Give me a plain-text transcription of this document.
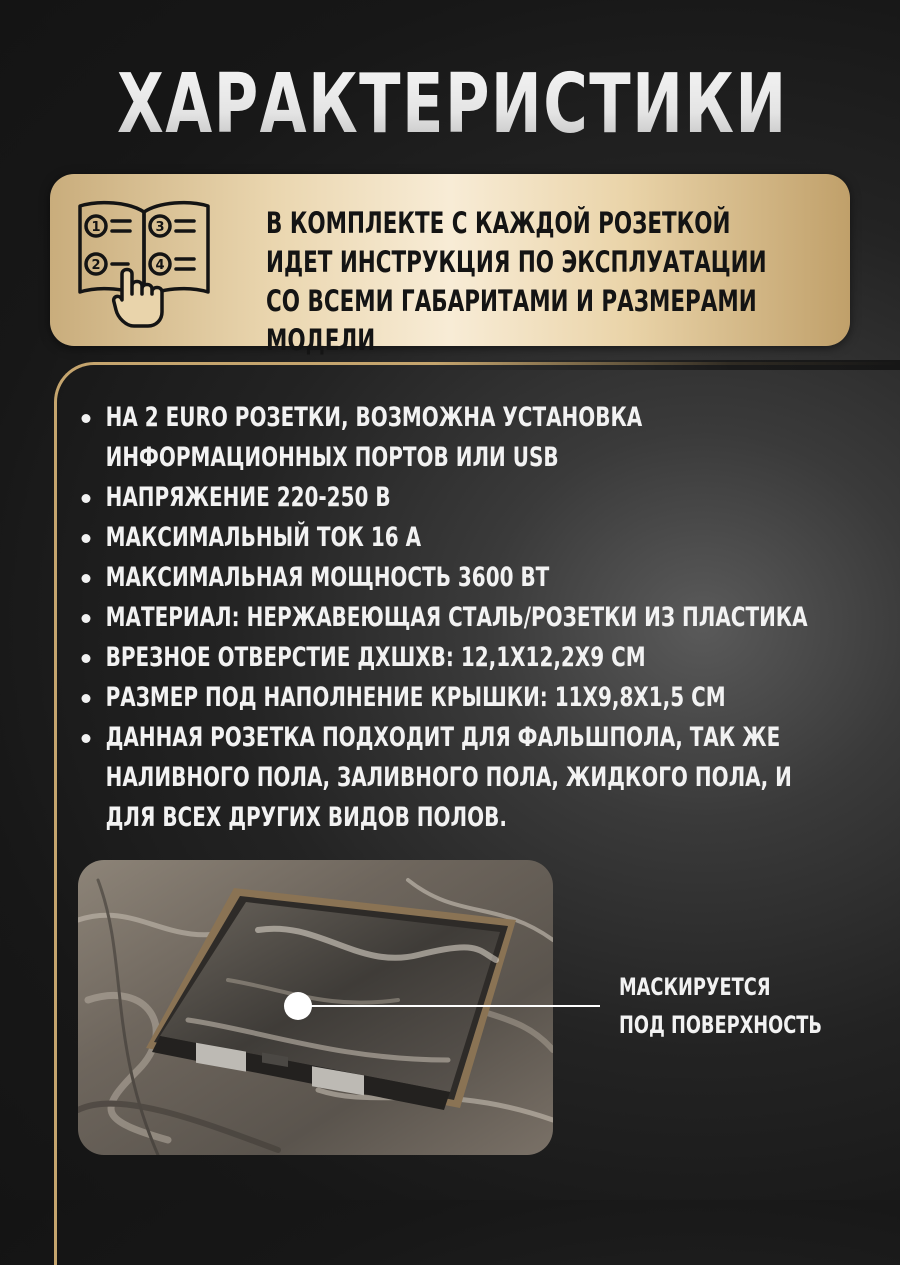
ХАРАКТЕРИСТИКИ
1
2
3
4
В КОМПЛЕКТЕ С КАЖДОЙ РОЗЕТКОЙ ИДЕТ ИНСТРУКЦИЯ ПО ЭКСПЛУАТАЦИИ СО ВСЕМИ ГАБАРИТАМИ И РАЗМЕРАМИ МОДЕЛИ
НА 2 EURO РОЗЕТКИ, ВОЗМОЖНА УСТАНОВКА ИНФОРМАЦИОННЫХ ПОРТОВ ИЛИ USB
НАПРЯЖЕНИЕ 220-250 В
МАКСИМАЛЬНЫЙ ТОК 16 А
МАКСИМАЛЬНАЯ МОЩНОСТЬ 3600 ВТ
МАТЕРИАЛ: НЕРЖАВЕЮЩАЯ СТАЛЬ/РОЗЕТКИ ИЗ ПЛАСТИКА
ВРЕЗНОЕ ОТВЕРСТИЕ ДХШХВ: 12,1Х12,2Х9 СМ
РАЗМЕР ПОД НАПОЛНЕНИЕ КРЫШКИ: 11Х9,8Х1,5 СМ
ДАННАЯ РОЗЕТКА ПОДХОДИТ ДЛЯ ФАЛЬШПОЛА, ТАК ЖЕ НАЛИВНОГО ПОЛА, ЗАЛИВНОГО ПОЛА, ЖИДКОГО ПОЛА, И ДЛЯ ВСЕХ ДРУГИХ ВИДОВ ПОЛОВ.
МАСКИРУЕТСЯ
ПОД ПОВЕРХНОСТЬ
